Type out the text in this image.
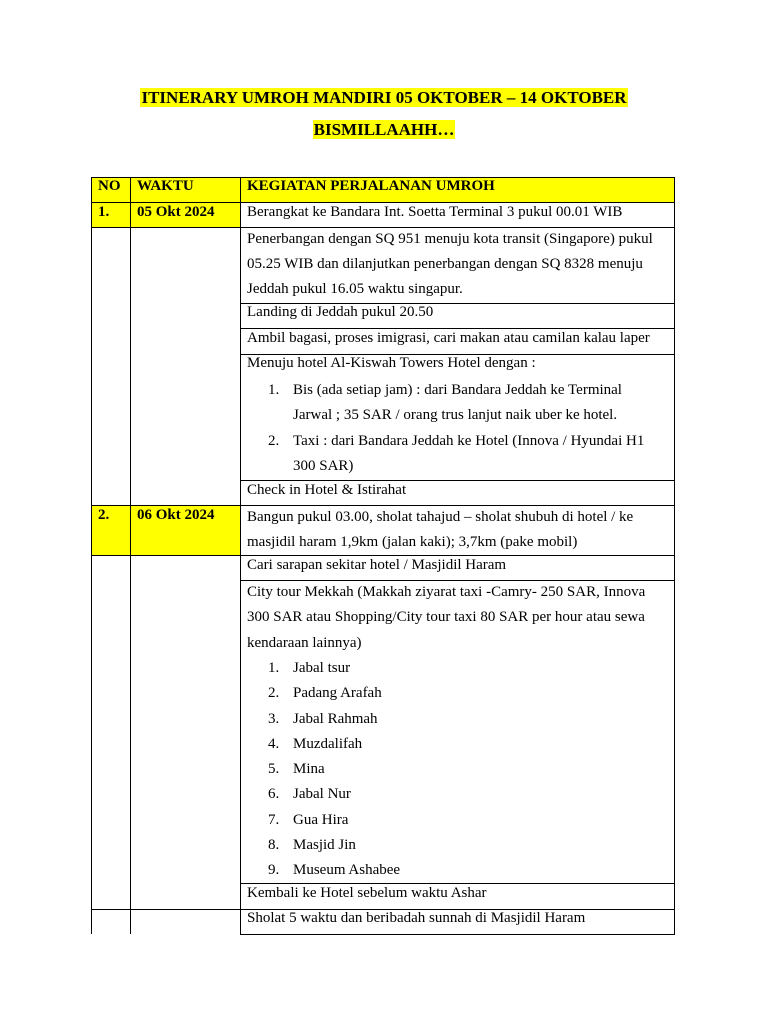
ITINERARY UMROH MANDIRI 05 OKTOBER – 14 OKTOBER
BISMILLAAHH…
NO WAKTU	KEGIATAN PERJALANAN UMROH
1. 05 Okt 2024 Berangkat ke Bandara Int. Soetta Terminal 3 pukul 00.01 WIB
Penerbangan dengan SQ 951 menuju kota transit (Singapore) pukul 05.25 WIB dan dilanjutkan penerbangan dengan SQ 8328 menuju Jeddah pukul 16.05 waktu singapur.
Landing di Jeddah pukul 20.50
Ambil bagasi, proses imigrasi, cari makan atau camilan kalau laper
Menuju hotel Al-Kiswah Towers Hotel dengan :
1. Bis (ada setiap jam) : dari Bandara Jeddah ke Terminal Jarwal ; 35 SAR / orang trus lanjut naik uber ke hotel.
2. Taxi : dari Bandara Jeddah ke Hotel (Innova / Hyundai H1 300 SAR)
Check in Hotel & Istirahat
2. 06 Okt 2024 Bangun pukul 03.00, sholat tahajud – sholat shubuh di hotel / ke masjidil haram 1,9km (jalan kaki); 3,7km (pake mobil)
Cari sarapan sekitar hotel / Masjidil Haram
City tour Mekkah (Makkah ziyarat taxi -Camry- 250 SAR, Innova 300 SAR atau Shopping/City tour taxi 80 SAR per hour atau sewa kendaraan lainnya)
1. Jabal tsur
2. Padang Arafah
3. Jabal Rahmah
4. Muzdalifah
5. Mina
6. Jabal Nur
7. Gua Hira
8. Masjid Jin
9. Museum Ashabee
Kembali ke Hotel sebelum waktu Ashar
Sholat 5 waktu dan beribadah sunnah di Masjidil Haram
